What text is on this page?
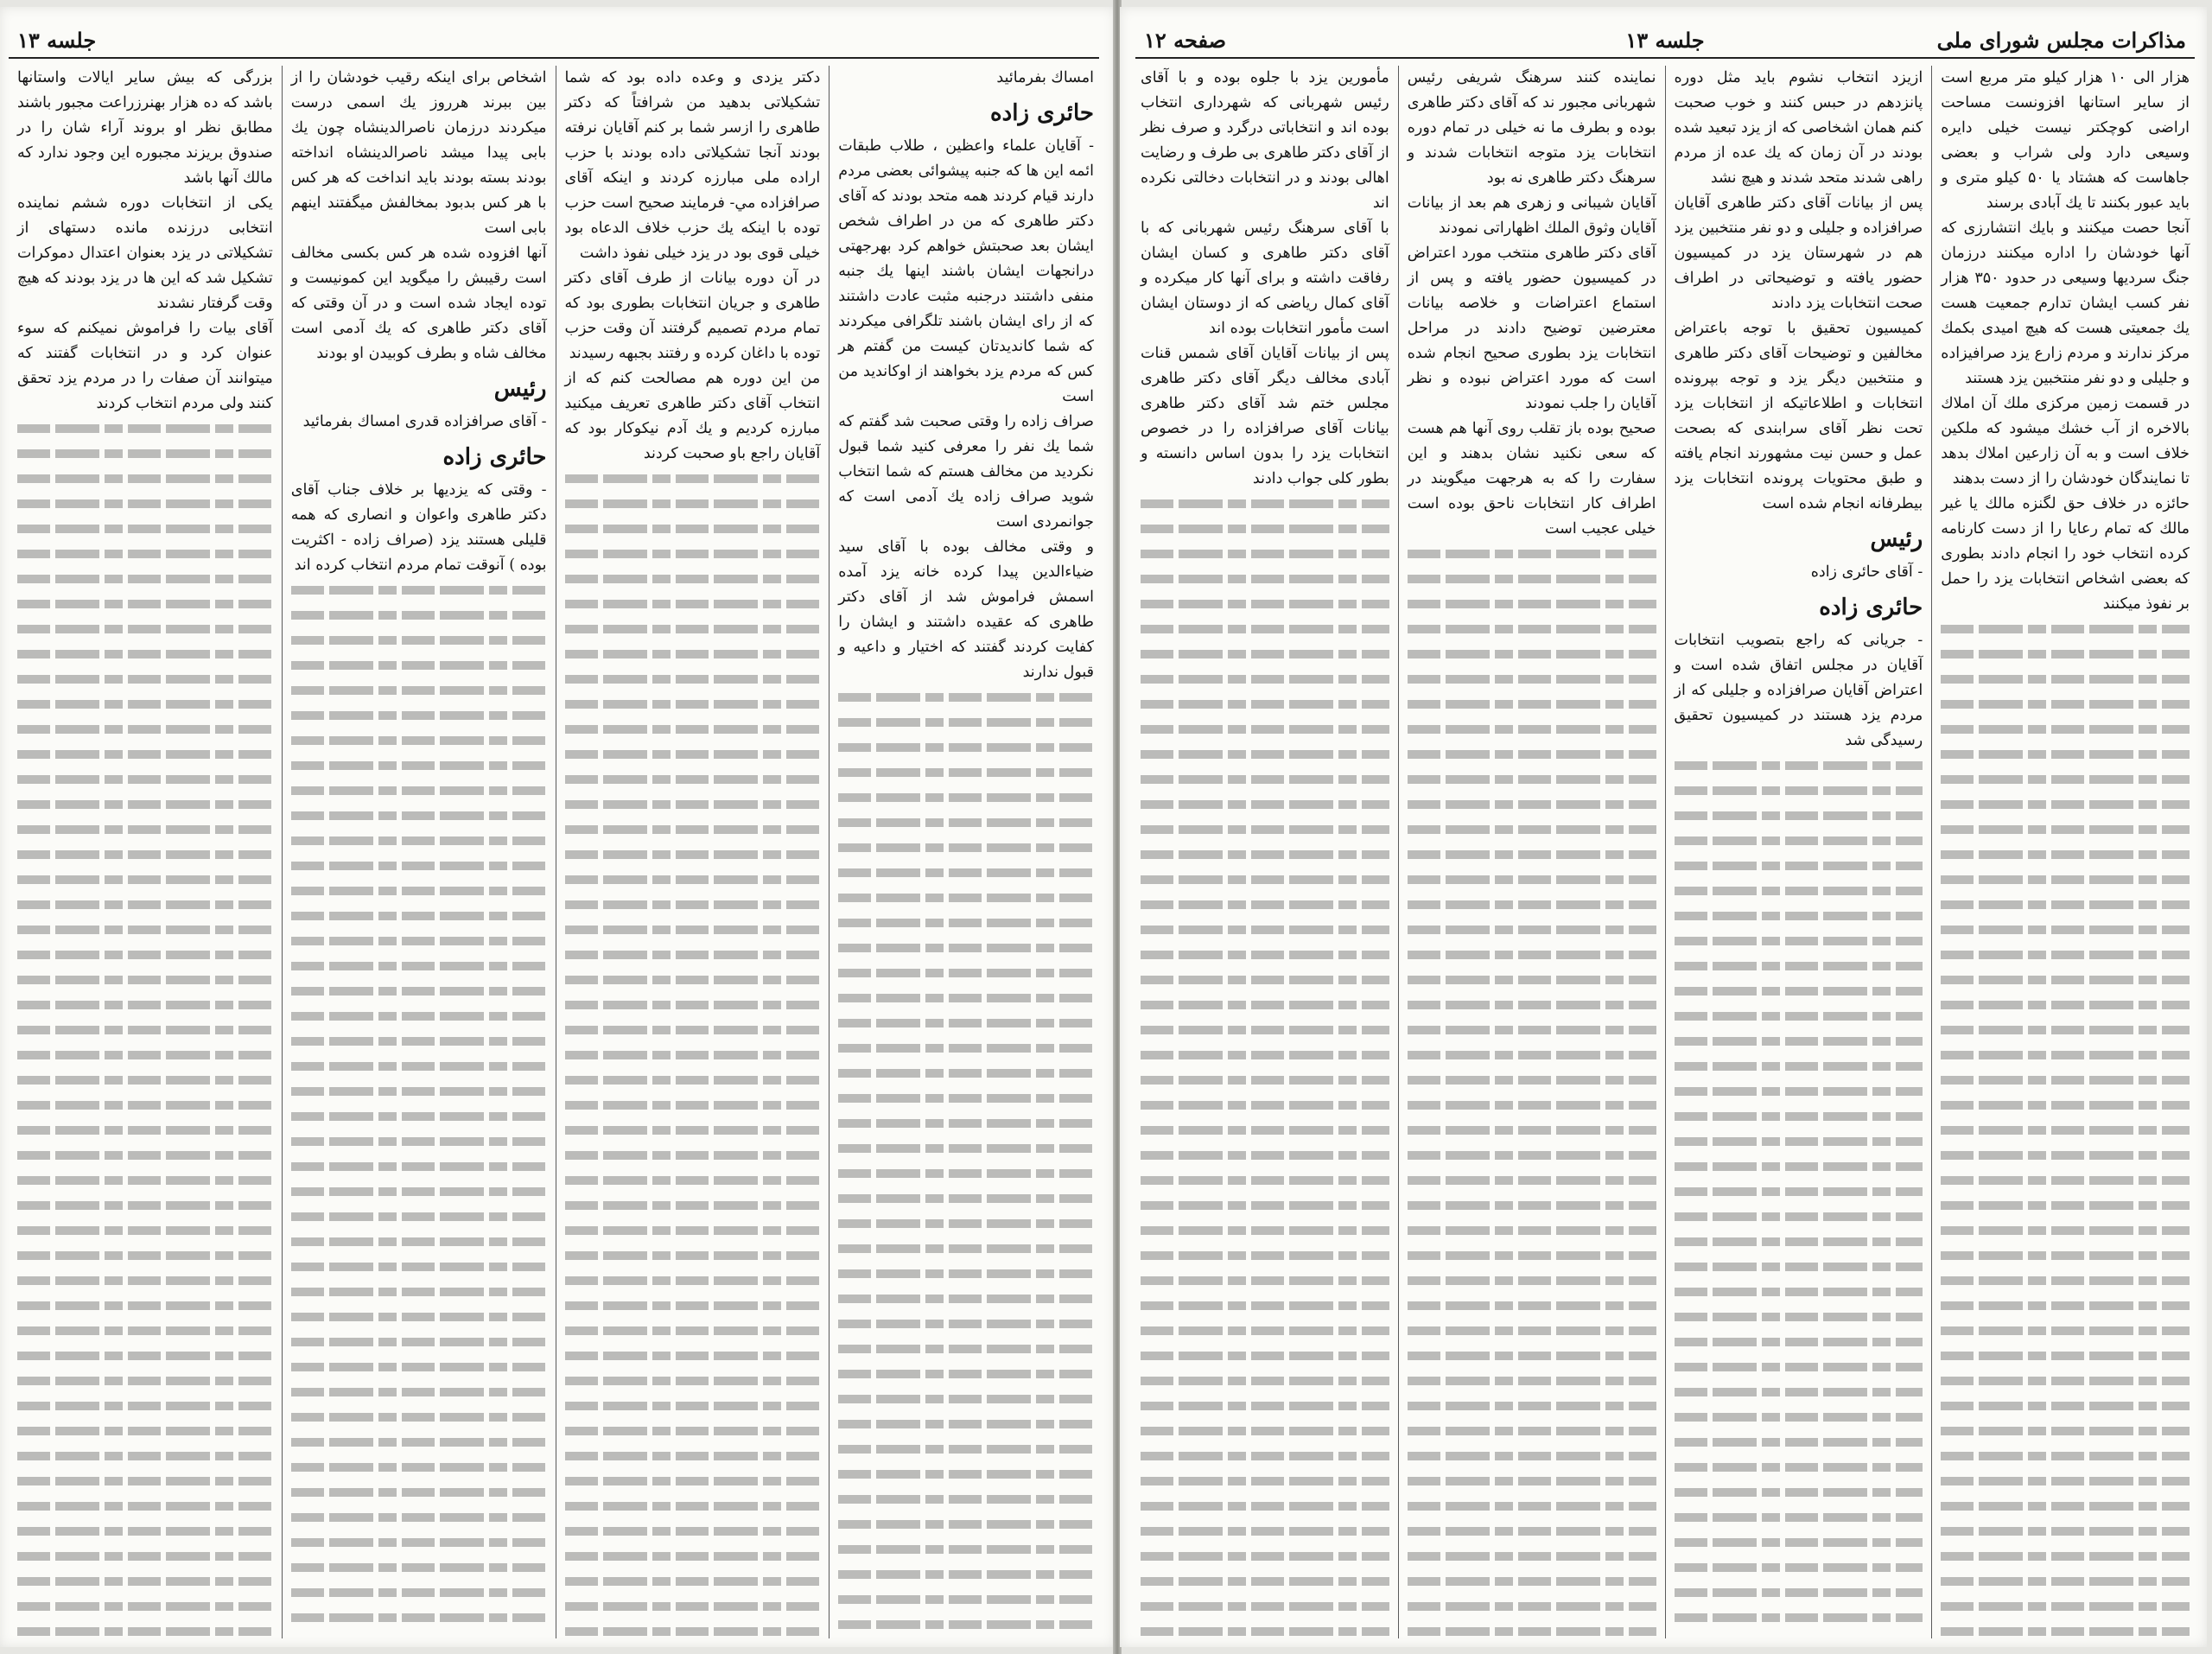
جلسه ۱۳
امساك بفرمائيد
حائری زاده
- آقايان علماء واعظين ، طلاب طبقات ائمه اين ها كه جنبه پيشوائی بعضی مردم دارند قيام كردند همه متحد بودند كه آقای دكتر طاهری كه من در اطراف شخص ايشان بعد صحبتش خواهم كرد بهرجهتی درانجهات ايشان باشند اينها يك جنبه منفی داشتند درجنبه مثبت عادت داشتند كه از رای ايشان باشند تلگرافی ميكردند كه شما كانديدتان كيست من گفتم هر كس كه مردم يزد بخواهند از اوكانديد من است
صراف زاده را وقتی صحبت شد گفتم كه شما يك نفر را معرفی كنيد شما قبول نكرديد من مخالف هستم كه شما انتخاب شويد صراف زاده يك آدمی است كه جوانمردی است
و وقتی مخالف بوده با آقای سيد ضياءالدين پيدا كرده خانه يزد آمده اسمش فراموش شد از آقای دكتر طاهری كه عقيده داشتند و ايشان را كفايت كردند گفتند كه اختيار و داعيه و قبول ندارند
دكتر يزدی و وعده داده بود كه شما تشكيلاتی بدهيد من شرافتاً كه دكتر طاهری را ازسر شما بر كنم آقايان نرفته بودند آنجا تشكيلاتی داده بودند با حزب اراده ملی مبارزه كردند و اينكه آقای صرافزاده مي- فرمايند صحيح است حزب توده با اينكه يك حزب خلاف الدعاه بود خيلی قوی بود در يزد خيلی نفوذ داشت
در آن دوره بيانات از طرف آقای دكتر طاهری و جريان انتخابات بطوری بود كه تمام مردم تصميم گرفتند آن وقت حزب توده با داغان كرده و رفتند بجبهه رسيدند
من اين دوره هم مصالحت كنم كه از انتخاب آقای دكتر طاهری تعريف ميكنيد مبارزه كرديم و يك آدم نيكوكار بود كه آقايان راجع باو صحبت كردند
اشخاص برای اينكه رقيب خودشان را از بين ببرند هرروز يك اسمی درست ميكردند درزمان ناصرالدينشاه چون يك بابی پيدا ميشد ناصرالدينشاه انداخته بودند بسته بودند بايد انداخت كه هر كس با هر كس بدبود بمخالفش ميگفتند اينهم بابی است
آنها افزوده شده هر كس بكسی مخالف است رقيبش را ميگويد اين كمونيست و توده ايجاد شده است و در آن وقتی كه آقای دكتر طاهری كه يك آدمی است مخالف شاه و بطرف كوبيدن او بودند
رئيس
- آقای صرافزاده قدری امساك بفرمائيد
حائری زاده
- وقتی كه يزديها بر خلاف جناب آقای دكتر طاهری واعوان و انصاری كه همه قليلی هستند يزد (صراف زاده - اكثريت بوده ) آنوقت تمام مردم انتخاب كرده اند
بزرگی كه بيش ساير ايالات واستانها باشد كه ده هزار بهنرزراعت مجبور باشند مطابق نظر او بروند آراء شان را در صندوق بريزند مجبوره اين وجود ندارد كه مالك آنها باشد
يكی از انتخابات دوره ششم نماينده انتخابی درزنده مانده دستهای از تشكيلاتی در يزد بعنوان اعتدال دموكرات تشكيل شد كه اين ها در يزد بودند كه هيچ وقت گرفتار نشدند
آقای بيات را فراموش نميكنم كه سوء عنوان كرد و در انتخابات گفتند كه ميتوانند آن صفات را در مردم يزد تحقق كنند ولی مردم انتخاب كردند
مذاكرات مجلس شورای ملی
جلسه ۱۳
صفحه ۱۲
هزار الی ۱۰ هزار كيلو متر مربع است از ساير استانها افزونست مساحت اراضی كوچكتر نيست خيلی دايره وسيعی دارد ولی شراب و بعضی جاهاست كه هشتاد يا ۵۰ كيلو متری و باید عبور بكنند تا يك آبادی برسند
آنجا حصت ميكنند و بايك انتشارزی كه آنها خودشان را اداره ميكنند درزمان جنگ سردیها وسيعی در حدود ۳۵۰ هزار نفر كسب ايشان تدارم جمعيت هست يك جمعيتی هست كه هيچ اميدی بكمك مركز ندارند و مردم زارع يزد صرافيزاده و جليلی و دو نفر منتخبين يزد هستند
در قسمت زمين مركزی ملك آن املاك بالاخره از آب خشك ميشود كه ملكين خلاف است و به آن زارعين املاك بدهد تا نمايندگان خودشان را از دست بدهند
حائزه در خلاف حق لگنزه مالك يا غير مالك كه تمام رعايا را از دست كارنامه كرده انتخاب خود را انجام دادند بطوری كه بعضی اشخاص انتخابات يزد را حمل بر نفوذ ميكنند
ازيزد انتخاب نشوم بايد مثل دوره پانزدهم در حبس كنند و خوب صحبت كنم همان اشخاصی كه از يزد تبعيد شده بودند در آن زمان كه يك عده از مردم راهی شدند متحد شدند و هيچ نشد
پس از بيانات آقای دكتر طاهری آقايان صرافزاده و جليلی و دو نفر منتخبين يزد هم در شهرستان يزد در كميسيون حضور يافته و توضيحاتی در اطراف صحت انتخابات يزد دادند
كميسيون تحقيق با توجه باعتراض مخالفين و توضيحات آقای دكتر طاهری و منتخبين ديگر يزد و توجه بپرونده انتخابات و اطلاعاتيكه از انتخابات يزد تحت نظر آقای سرابندی كه بصحت عمل و حسن نيت مشهورند انجام يافته و طبق محتويات پرونده انتخابات يزد بيطرفانه انجام شده است
رئيس
- آقای حائری زاده
حائری زاده
- جريانی كه راجع بتصويب انتخابات آقايان در مجلس اتفاق شده است و اعتراض آقايان صرافزاده و جليلی كه از مردم يزد هستند در كميسيون تحقيق رسيدگی شد
نماينده كنند سرهنگ شريفی رئيس شهربانی مجبور ند كه آقای دكتر طاهری بوده و بطرف ما نه خيلی در تمام دوره انتخابات يزد متوجه انتخابات شدند و سرهنگ دكتر طاهری نه بود
آقايان شيبانی و زهری هم بعد از بيانات آقايان وثوق الملك اظهاراتی نمودند
آقای دكتر طاهری منتخب مورد اعتراض در كميسيون حضور يافته و پس از استماع اعتراضات و خلاصه بيانات معترضين توضيح دادند در مراحل انتخابات يزد بطوری صحيح انجام شده است كه مورد اعتراض نبوده و نظر آقايان را جلب نمودند
صحيح بوده باز تقلب روی آنها هم هست كه سعی نكنيد نشان بدهند و اين سفارت را كه به هرجهت ميگويند در اطراف كار انتخابات ناحق بوده است خيلی عجيب است
مأمورين يزد با جلوه بوده و با آقای رئيس شهربانی كه شهرداری انتخاب بوده اند و انتخاباتی درگرد و صرف نظر از آقای دكتر طاهری بی طرف و رضايت اهالی بودند و در انتخابات دخالتی نكرده اند
با آقای سرهنگ رئيس شهربانی كه با آقای دكتر طاهری و كسان ايشان رفاقت داشته و برای آنها كار ميكرده و آقای كمال رياضی كه از دوستان ايشان است مأمور انتخابات بوده اند
پس از بيانات آقايان آقای شمس قنات آبادی مخالف ديگر آقای دكتر طاهری مجلس ختم شد آقای دكتر طاهری بيانات آقای صرافزاده را در خصوص انتخابات يزد را بدون اساس دانسته و بطور كلی جواب دادند
